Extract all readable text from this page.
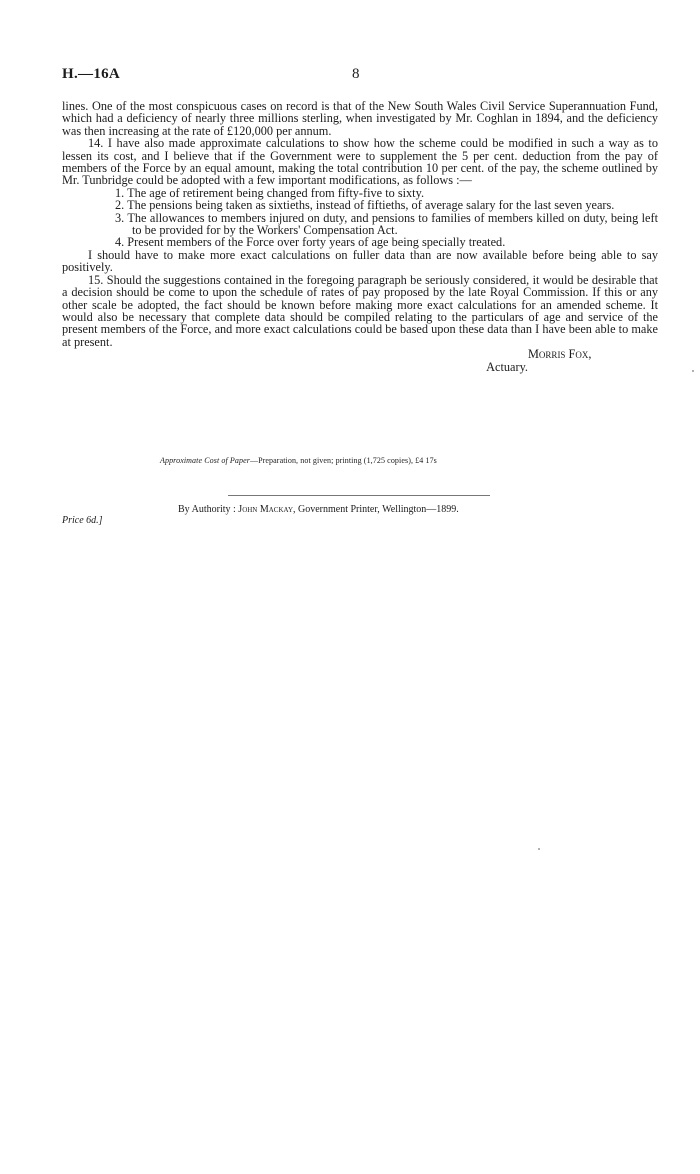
H.—16A	8

lines. One of the most conspicuous cases on record is that of the New South Wales Civil Service Superannuation Fund, which had a deficiency of nearly three millions sterling, when investigated by Mr. Coghlan in 1894, and the deficiency was then increasing at the rate of £120,000 per annum.

14. I have also made approximate calculations to show how the scheme could be modified in such a way as to lessen its cost, and I believe that if the Government were to supplement the 5 per cent. deduction from the pay of members of the Force by an equal amount, making the total contribution 10 per cent. of the pay, the scheme outlined by Mr. Tunbridge could be adopted with a few important modifications, as follows :—

1. The age of retirement being changed from fifty-five to sixty.
2. The pensions being taken as sixtieths, instead of fiftieths, of average salary for the last seven years.
3. The allowances to members injured on duty, and pensions to families of members killed on duty, being left to be provided for by the Workers' Compensation Act.
4. Present members of the Force over forty years of age being specially treated.

I should have to make more exact calculations on fuller data than are now available before being able to say positively.

15. Should the suggestions contained in the foregoing paragraph be seriously considered, it would be desirable that a decision should be come to upon the schedule of rates of pay proposed by the late Royal Commission. If this or any other scale be adopted, the fact should be known before making more exact calculations for an amended scheme. It would also be necessary that complete data should be compiled relating to the particulars of age and service of the present members of the Force, and more exact calculations could be based upon these data than I have been able to make at present.

Morris Fox,
Actuary.
Approximate Cost of Paper—Preparation, not given; printing (1,725 copies), £4 17s
By Authority : John Mackay, Government Printer, Wellington—1899.
Price 6d.]
